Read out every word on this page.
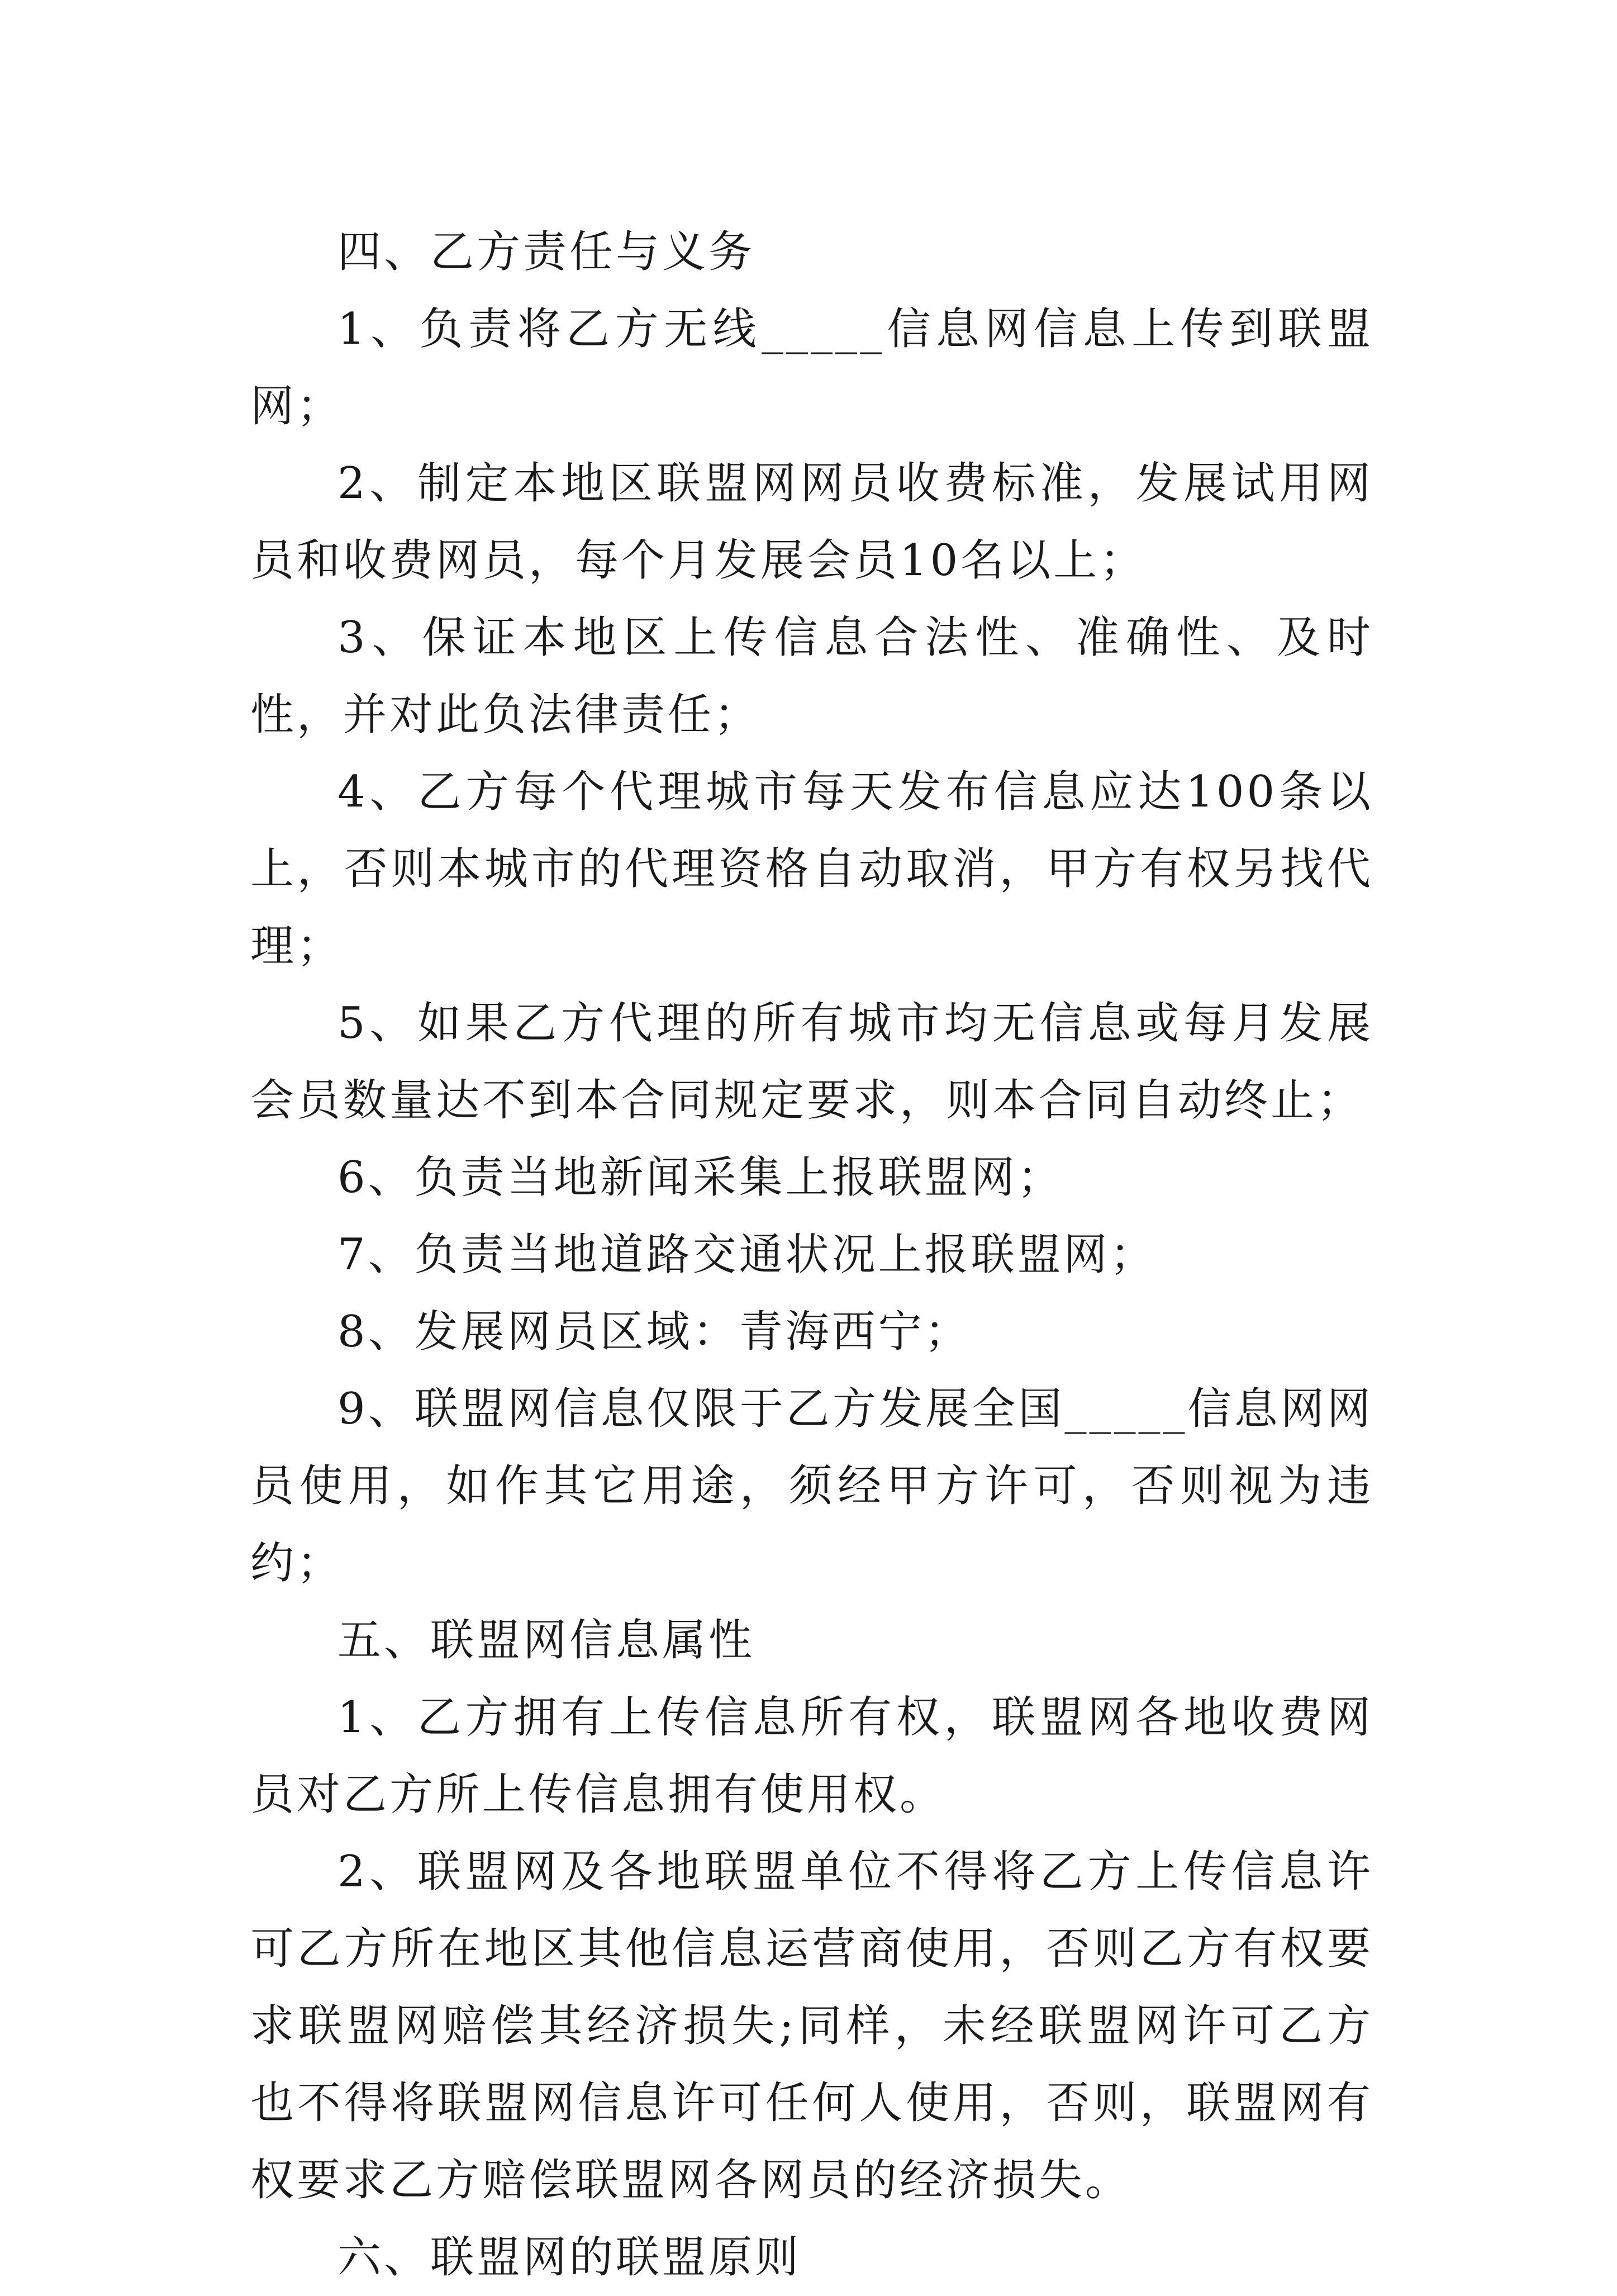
四、乙方责任与义务

1、负责将乙方无线_____信息网信息上传到联盟网；

2、制定本地区联盟网网员收费标准，发展试用网员和收费网员，每个月发展会员10名以上；

3、保证本地区上传信息合法性、准确性、及时性，并对此负法律责任；

4、乙方每个代理城市每天发布信息应达100条以上，否则本城市的代理资格自动取消，甲方有权另找代理；

5、如果乙方代理的所有城市均无信息或每月发展会员数量达不到本合同规定要求，则本合同自动终止；

6、负责当地新闻采集上报联盟网；

7、负责当地道路交通状况上报联盟网；

8、发展网员区域：青海西宁；

9、联盟网信息仅限于乙方发展全国_____信息网网员使用，如作其它用途，须经甲方许可，否则视为违约；

五、联盟网信息属性

1、乙方拥有上传信息所有权，联盟网各地收费网员对乙方所上传信息拥有使用权。

2、联盟网及各地联盟单位不得将乙方上传信息许可乙方所在地区其他信息运营商使用，否则乙方有权要求联盟网赔偿其经济损失;同样，未经联盟网许可乙方也不得将联盟网信息许可任何人使用，否则，联盟网有权要求乙方赔偿联盟网各网员的经济损失。

六、联盟网的联盟原则
